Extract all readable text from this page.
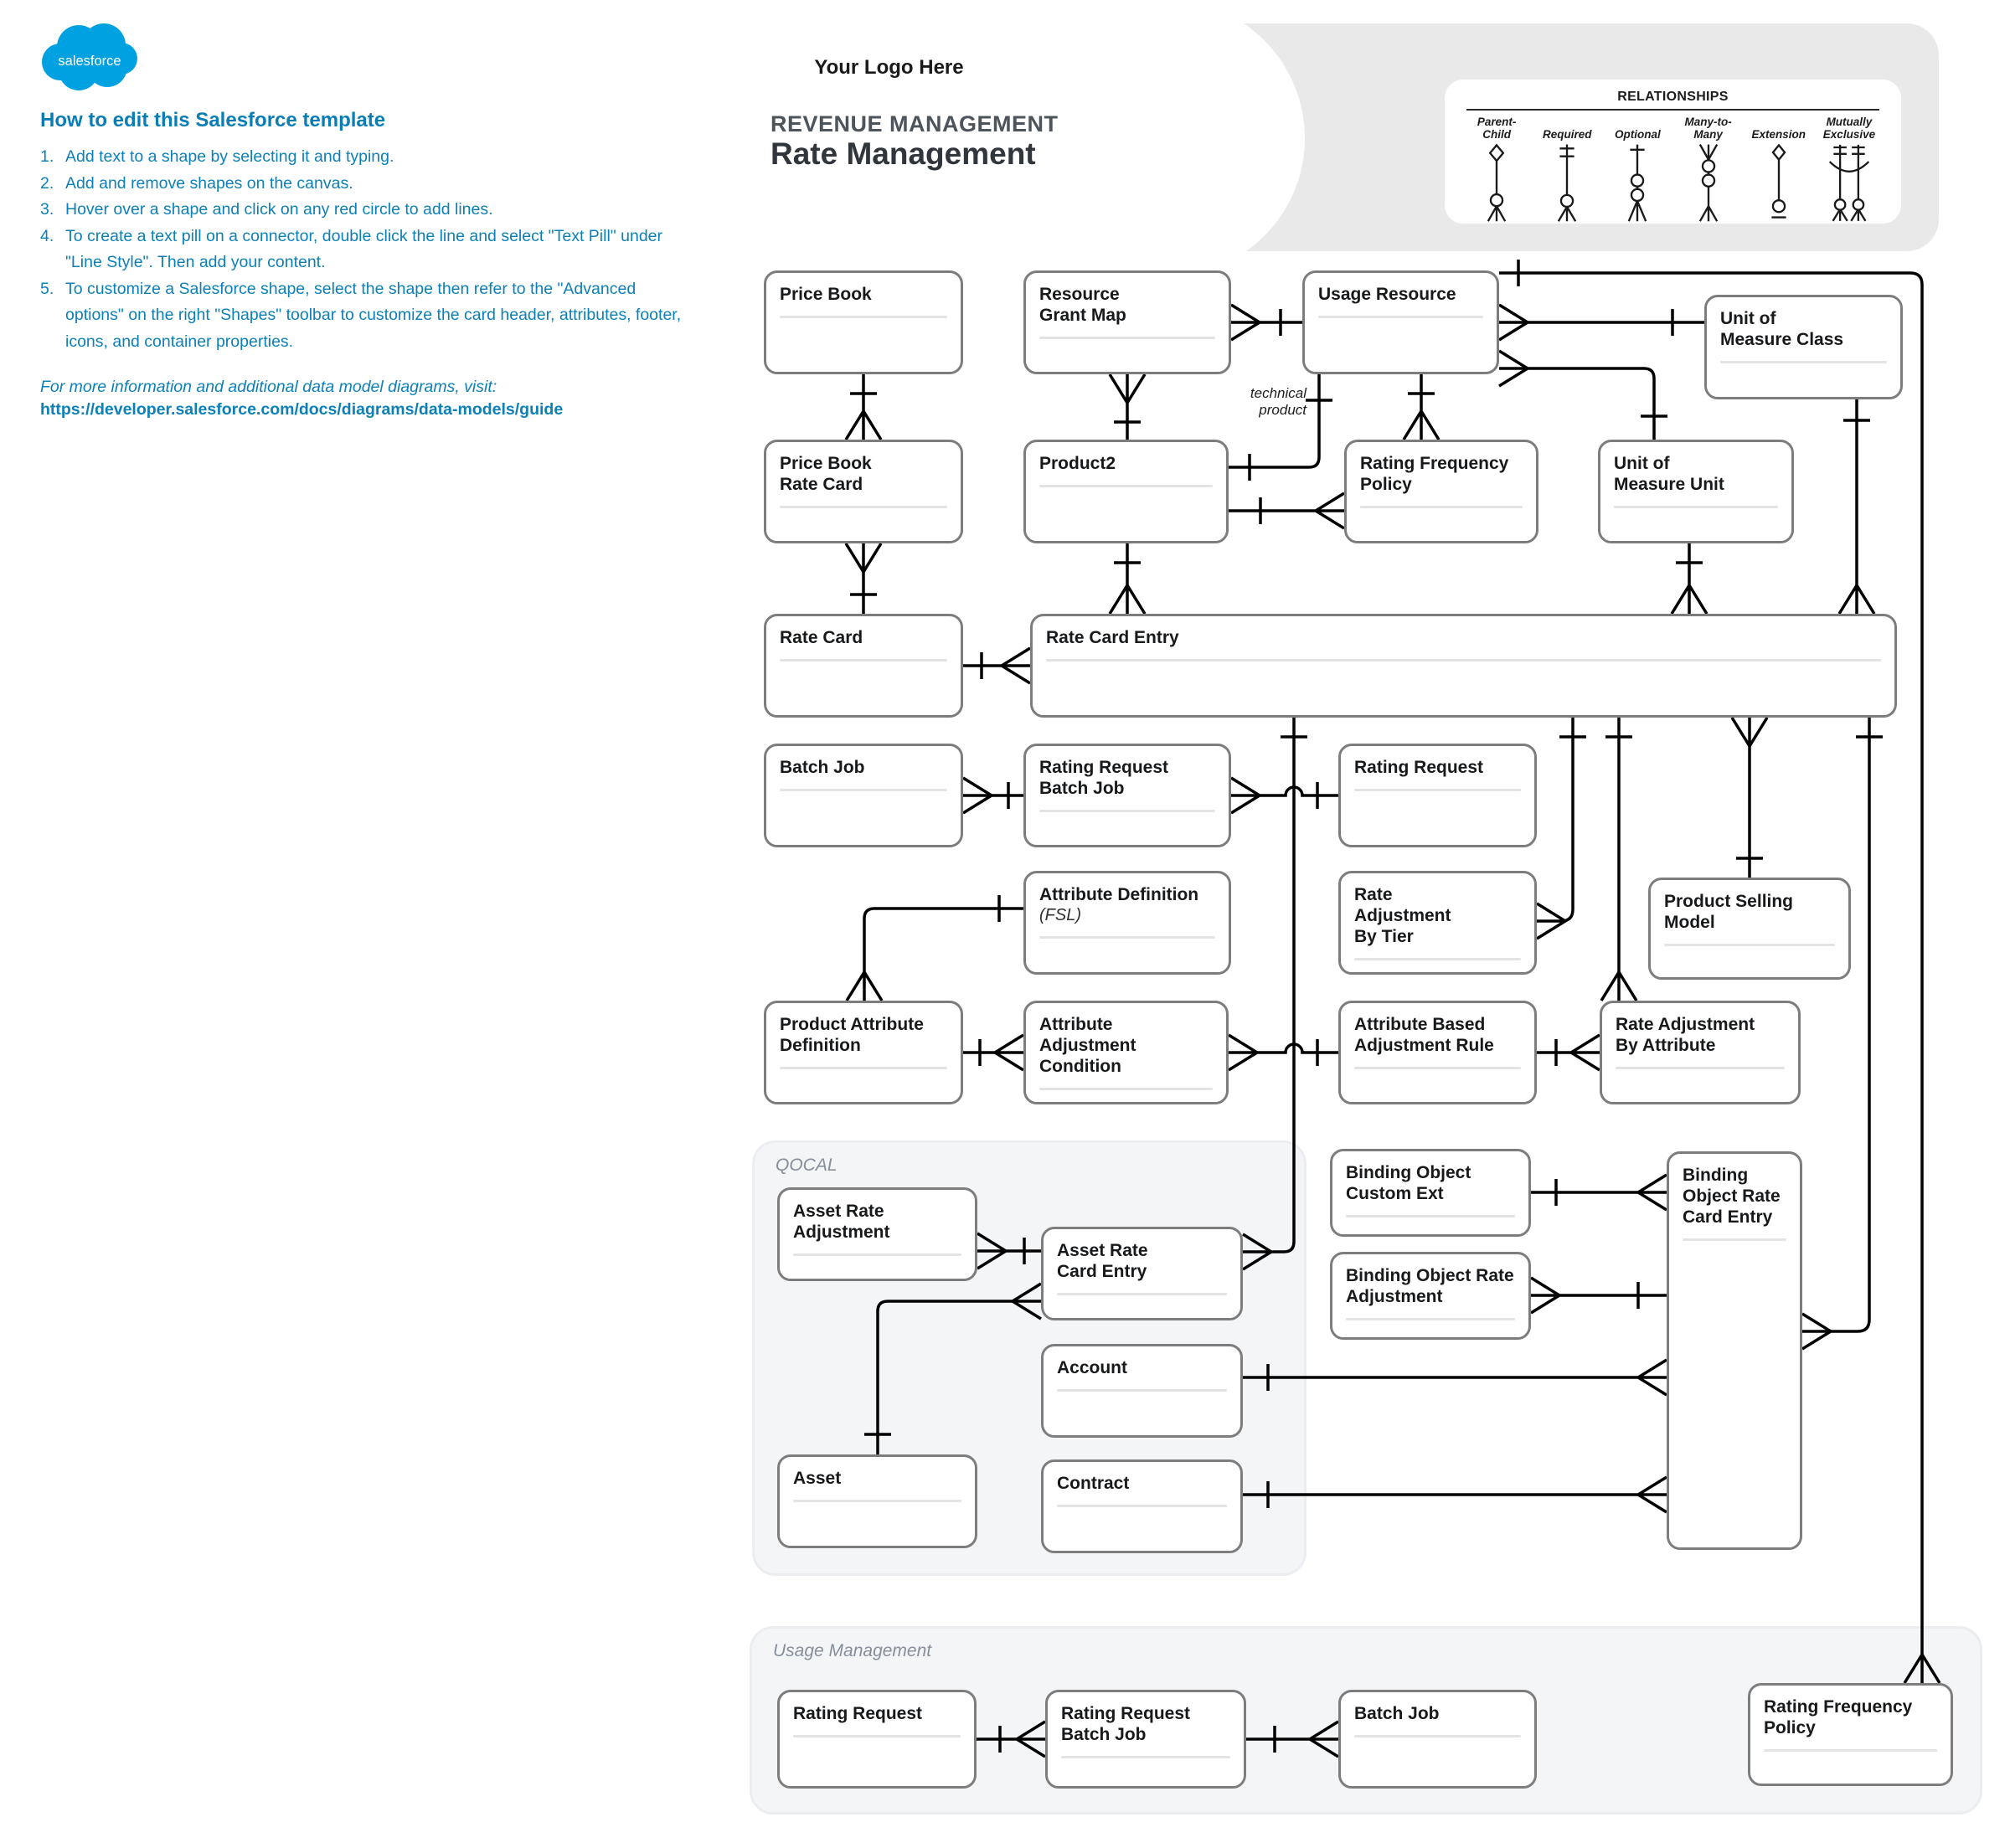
salesforce

How to edit this Salesforce template

1. Add text to a shape by selecting it and typing.
2. Add and remove shapes on the canvas.
3. Hover over a shape and click on any red circle to add lines.
4. To create a text pill on a connector, double click the line and select "Text Pill" under "Line Style". Then add your content.
5. To customize a Salesforce shape, select the shape then refer to the "Advanced options" on the right "Shapes" toolbar to customize the card header, attributes, footer, icons, and container properties.
For more information and additional data model diagrams, visit:
https://developer.salesforce.com/docs/diagrams/data-models/guide
Your Logo Here
REVENUE MANAGEMENT
Rate Management
RELATIONSHIPS
Parent-
Child	Required Optional
Many-to-
Many	Extension
Mutually
Exclusive
QOCAL
Usage Management
Price Book	Resource
Grant Map
Usage Resource
Unit of
Measure Class
Price Book
Rate Card
Product2	Rating Frequency
Policy
Unit of
Measure Unit
Rate Card	Rate Card Entry
Batch Job	Rating Request
Batch Job
Rating Request
Attribute Definition
(FSL)
Rate
Adjustment
By Tier
Product Selling
Model
Product Attribute
Definition
Attribute
Adjustment
Condition
Attribute Based
Adjustment Rule
Rate Adjustment
By Attribute
Asset Rate
Adjustment
Asset Rate
Card Entry
Account
Asset	Contract
Binding Object
Custom Ext
Binding Object Rate
Adjustment
Binding
Object Rate
Card Entry
Rating Request	Rating Request
Batch Job
Batch Job	Rating Frequency
Policy
technical
product
